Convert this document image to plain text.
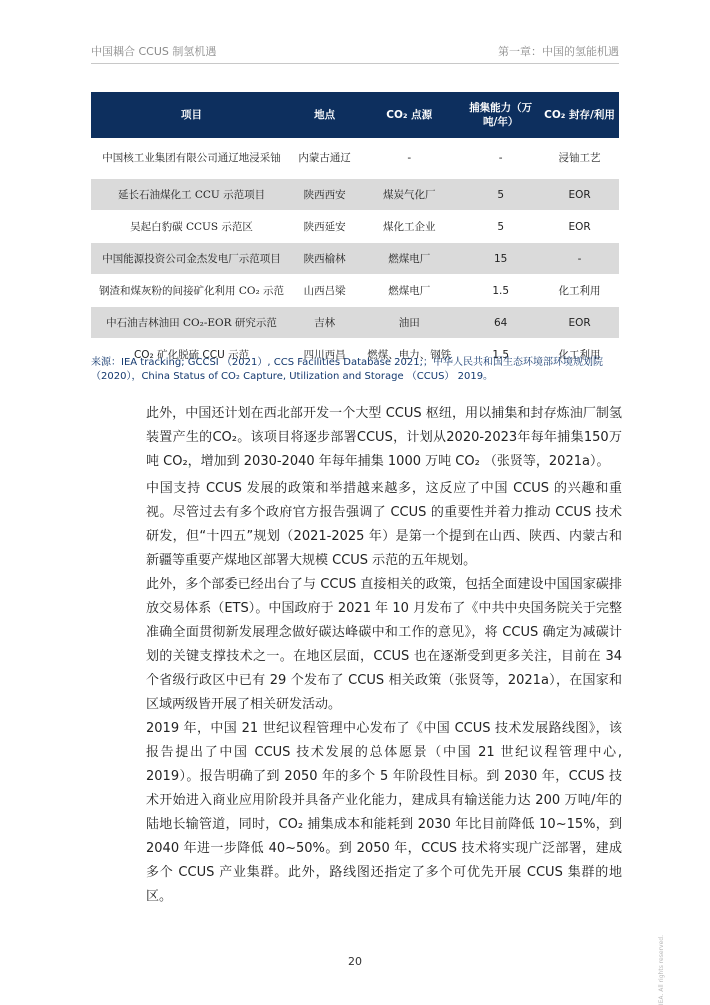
中国耦合 CCUS 制氢机遇	第一章：中国的氢能机遇
项目	地点	CO₂ 点源	捕集能力（万吨/年）	CO₂ 封存/利用
中国核工业集团有限公司通辽地浸采铀	内蒙古通辽	-	-	浸铀工艺
延长石油煤化工 CCU 示范项目	陕西西安	煤炭气化厂	5	EOR
吴起白豹碳 CCUS 示范区	陕西延安	煤化工企业	5	EOR
中国能源投资公司金杰发电厂示范项目	陕西榆林	燃煤电厂	15	-
钢渣和煤灰粉的间接矿化利用 CO₂ 示范	山西吕梁	燃煤电厂	1.5	化工利用
中石油吉林油田 CO₂-EOR 研究示范	吉林	油田	64	EOR
CO₂ 矿化脱硫 CCU 示范	四川西昌	燃煤、电力、钢铁	1.5	化工利用
来源：IEA tracking; GCCSI （2021）, CCS Facilities Database 2021;；中华人民共和国生态环境部环境规划院（2020），China Status of CO₂ Capture, Utilization and Storage （CCUS） 2019。

此外，中国还计划在西北部开发一个大型 CCUS 枢纽，用以捕集和封存炼油厂制氢装置产生的CO₂。该项目将逐步部署CCUS，计划从2020-2023年每年捕集150万吨 CO₂，增加到 2030-2040 年每年捕集 1000 万吨 CO₂ （张贤等，2021a）。

中国支持 CCUS 发展的政策和举措越来越多，这反应了中国 CCUS 的兴趣和重视。尽管过去有多个政府官方报告强调了 CCUS 的重要性并着力推动 CCUS 技术研发，但“十四五”规划（2021-2025 年）是第一个提到在山西、陕西、内蒙古和新疆等重要产煤地区部署大规模 CCUS 示范的五年规划。

此外，多个部委已经出台了与 CCUS 直接相关的政策，包括全面建设中国国家碳排放交易体系（ETS）。中国政府于 2021 年 10 月发布了《中共中央国务院关于完整准确全面贯彻新发展理念做好碳达峰碳中和工作的意见》，将 CCUS 确定为减碳计划的关键支撑技术之一。在地区层面，CCUS 也在逐渐受到更多关注，目前在 34 个省级行政区中已有 29 个发布了 CCUS 相关政策（张贤等，2021a），在国家和区域两级皆开展了相关研发活动。

2019 年，中国 21 世纪议程管理中心发布了《中国 CCUS 技术发展路线图》，该报告提出了中国 CCUS 技术发展的总体愿景（中国 21 世纪议程管理中心, 2019）。报告明确了到 2050 年的多个 5 年阶段性目标。到 2030 年，CCUS 技术开始进入商业应用阶段并具备产业化能力，建成具有输送能力达 200 万吨/年的陆地长输管道，同时，CO₂ 捕集成本和能耗到 2030 年比目前降低 10~15%，到 2040 年进一步降低 40~50%。到 2050 年，CCUS 技术将实现广泛部署，建成多个 CCUS 产业集群。此外，路线图还指定了多个可优先开展 CCUS 集群的地区。

20	IEA. All rights reserved.
